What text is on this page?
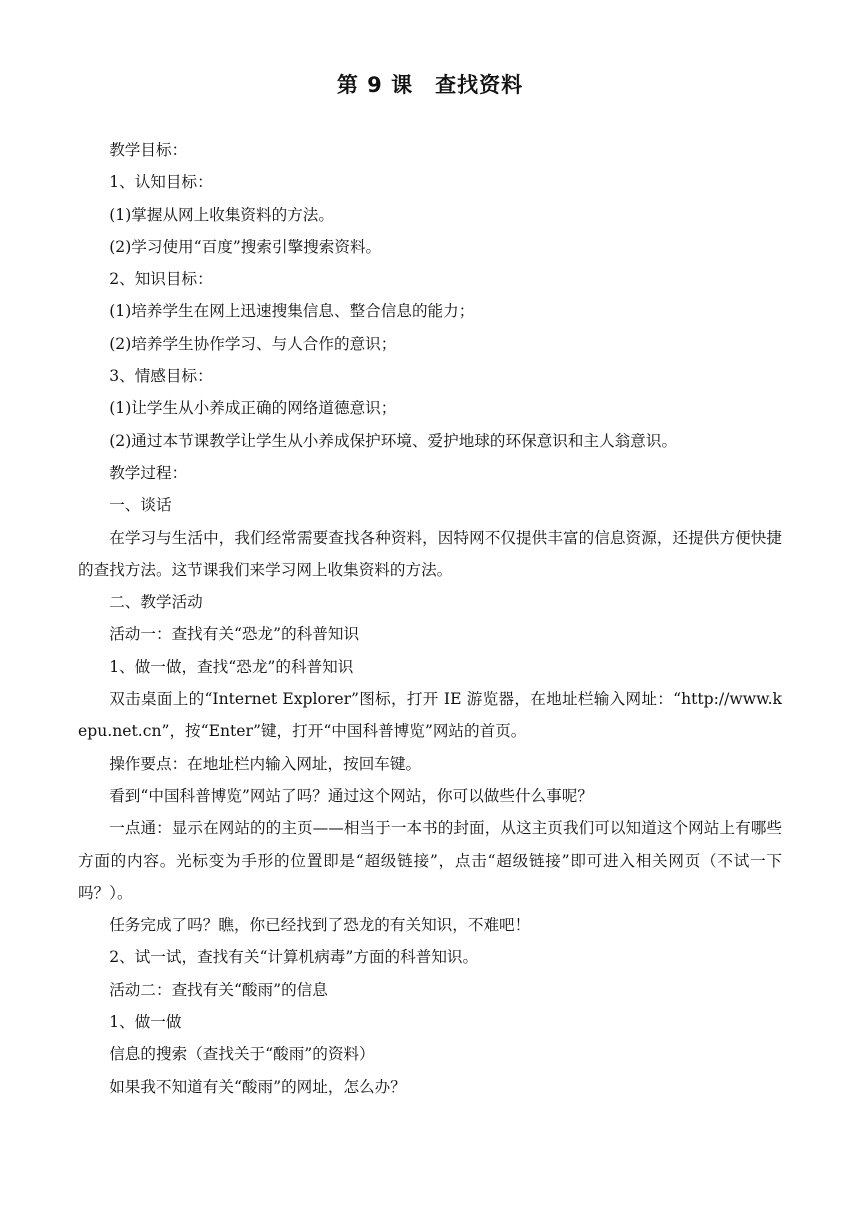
第 9 课　查找资料

教学目标：

1、认知目标：

(1)掌握从网上收集资料的方法。

(2)学习使用“百度”搜索引擎搜索资料。

2、知识目标：

(1)培养学生在网上迅速搜集信息、整合信息的能力；

(2)培养学生协作学习、与人合作的意识；

3、情感目标：

(1)让学生从小养成正确的网络道德意识；

(2)通过本节课教学让学生从小养成保护环境、爱护地球的环保意识和主人翁意识。

教学过程：

一、谈话

在学习与生活中，我们经常需要查找各种资料，因特网不仅提供丰富的信息资源，还提供方便快捷的查找方法。这节课我们来学习网上收集资料的方法。

二、教学活动

活动一：查找有关“恐龙”的科普知识

1、做一做，查找“恐龙”的科普知识

双击桌面上的“Internet Explorer”图标，打开 IE 游览器，在地址栏输入网址：“http://www.kepu.net.cn”，按“Enter”键，打开“中国科普博览”网站的首页。

操作要点：在地址栏内输入网址，按回车键。

看到“中国科普博览”网站了吗？通过这个网站，你可以做些什么事呢？

一点通：显示在网站的的主页——相当于一本书的封面，从这主页我们可以知道这个网站上有哪些方面的内容。光标变为手形的位置即是“超级链接”，点击“超级链接”即可进入相关网页（不试一下吗？）。

任务完成了吗？瞧，你已经找到了恐龙的有关知识，不难吧！

2、试一试，查找有关“计算机病毒”方面的科普知识。

活动二：查找有关“酸雨”的信息

1、做一做

信息的搜索（查找关于“酸雨”的资料）

如果我不知道有关“酸雨”的网址，怎么办？
